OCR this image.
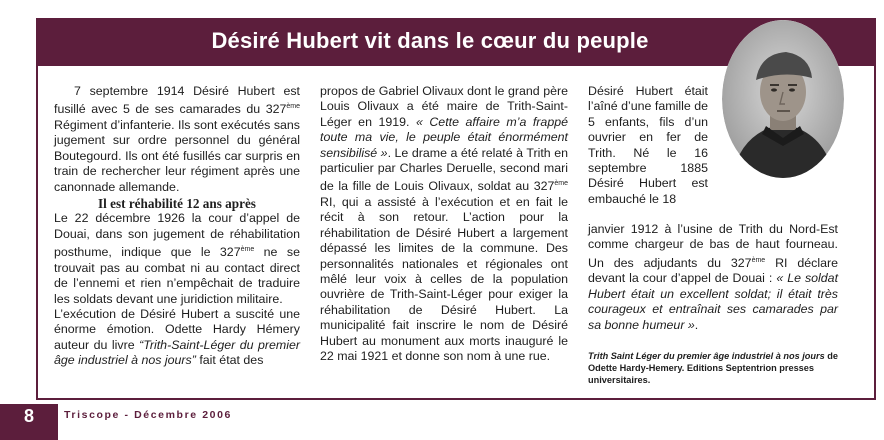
Désiré Hubert vit dans le cœur du peuple

7 septembre 1914 Désiré Hubert est fusillé avec 5 de ses camarades du 327ème Régiment d’infanterie. Ils sont exécutés sans jugement sur ordre personnel du général Boutegourd. Ils ont été fusillés car surpris en train de rechercher leur régiment après une canonnade allemande.

Il est réhabilité 12 ans après

Le 22 décembre 1926 la cour d’appel de Douai, dans son jugement de réhabilitation posthume, indique que le 327ème ne se trouvait pas au combat ni au contact direct de l’ennemi et rien n’empêchait de traduire les soldats devant une juridiction militaire.

L’exécution de Désiré Hubert a suscité une énorme émotion. Odette Hardy Hémery auteur du livre “Trith-Saint-Léger du premier âge industriel à nos jours” fait état des

propos de Gabriel Olivaux dont le grand père Louis Olivaux a été maire de Trith-Saint-Léger en 1919. « Cette affaire m’a frappé toute ma vie, le peuple était énormément sensibilisé ». Le drame a été relaté à Trith en particulier par Charles Deruelle, second mari de la fille de Louis Olivaux, soldat au 327ème RI, qui a assisté à l’exécution et en fait le récit à son retour. L’action pour la réhabilitation de Désiré Hubert a largement dépassé les limites de la commune. Des personnalités nationales et régionales ont mêlé leur voix à celles de la population ouvrière de Trith-Saint-Léger pour exiger la réhabilitation de Désiré Hubert. La municipalité fait inscrire le nom de Désiré Hubert au monument aux morts inauguré le 22 mai 1921 et donne son nom à une rue.

Désiré Hubert était l’aîné d’une famille de 5 enfants, fils d’un ouvrier en fer de Trith. Né le 16 septembre 1885 Désiré Hubert est embauché le 18

janvier 1912 à l’usine de Trith du Nord-Est comme chargeur de bas de haut fourneau. Un des adjudants du 327ème RI déclare devant la cour d’appel de Douai : « Le soldat Hubert était un excellent soldat; il était très courageux et entraînait ses camarades par sa bonne humeur ».

Trith Saint Léger du premier âge industriel à nos jours de Odette Hardy-Hemery. Editions Septentrion presses universitaires.
8	Triscope - Décembre 2006
